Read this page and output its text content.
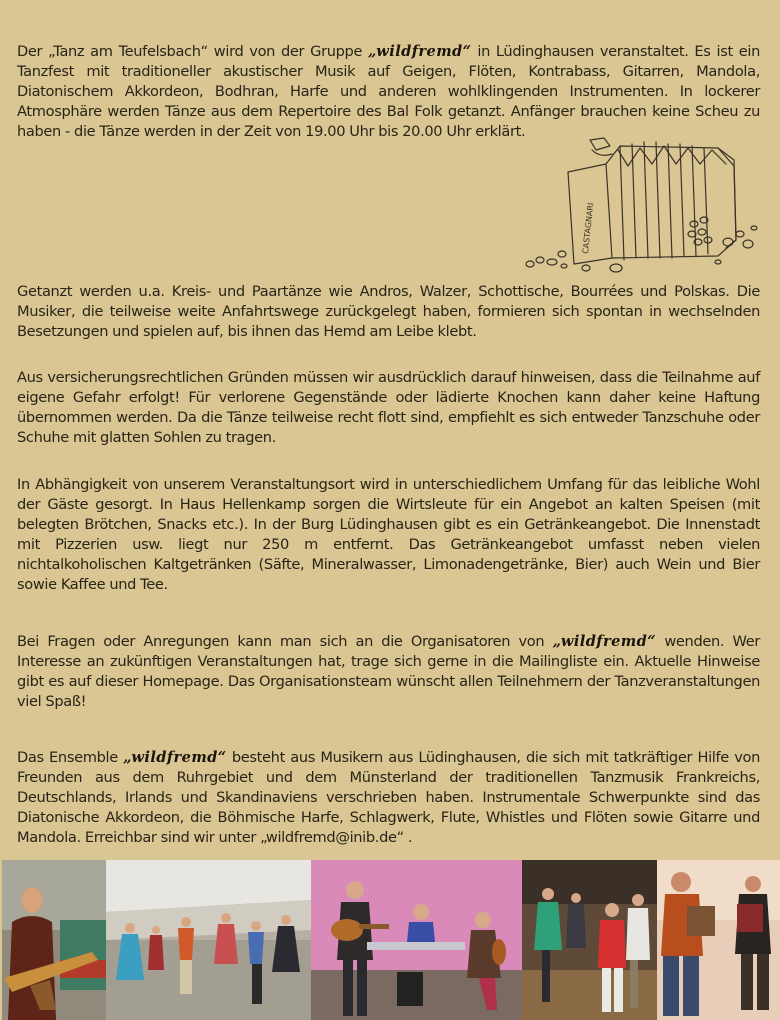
Der „Tanz am Teufelsbach“ wird von der Gruppe „wildfremd“ in Lüdinghausen veranstaltet. Es ist ein Tanzfest mit traditioneller akustischer Musik auf Geigen, Flöten, Kontrabass, Gitarren, Mandola, Diatonischem Akkordeon, Bodhran, Harfe und anderen wohlklingenden Instrumenten. In lockerer Atmosphäre werden Tänze aus dem Repertoire des Bal Folk getanzt. Anfänger brauchen keine Scheu zu haben - die Tänze werden in der Zeit von 19.00 Uhr bis 20.00 Uhr erklärt.

CASTAGNARI

Getanzt werden u.a. Kreis- und Paartänze wie Andros, Walzer, Schottische, Bourrées und Polskas. Die Musiker, die teilweise weite Anfahrtswege zurückgelegt haben, formieren sich spontan in wechselnden Besetzungen und spielen auf, bis ihnen das Hemd am Leibe klebt.

Aus versicherungsrechtlichen Gründen müssen wir ausdrücklich darauf hinweisen, dass die Teilnahme auf eigene Gefahr erfolgt! Für verlorene Gegenstände oder lädierte Knochen kann daher keine Haftung übernommen werden. Da die Tänze teilweise recht flott sind, empfiehlt es sich entweder Tanzschuhe oder Schuhe mit glatten Sohlen zu tragen.

In Abhängigkeit von unserem Veranstaltungsort wird in unterschiedlichem Umfang für das leibliche Wohl der Gäste gesorgt. In Haus Hellenkamp sorgen die Wirtsleute für ein Angebot an kalten Speisen (mit belegten Brötchen, Snacks etc.). In der Burg Lüdinghausen gibt es ein Getränkeangebot. Die Innenstadt mit Pizzerien usw. liegt nur 250 m entfernt. Das Getränkeangebot umfasst neben vielen nichtalkoholischen Kaltgetränken (Säfte, Mineralwasser, Limonadengetränke, Bier) auch Wein und Bier sowie Kaffee und Tee.

Bei Fragen oder Anregungen kann man sich an die Organisatoren von „wildfremd“ wenden. Wer Interesse an zukünftigen Veranstaltungen hat, trage sich gerne in die Mailingliste ein. Aktuelle Hinweise gibt es auf dieser Homepage. Das Organisationsteam wünscht allen Teilnehmern der Tanzveranstaltungen viel Spaß!

Das Ensemble „wildfremd“ besteht aus Musikern aus Lüdinghausen, die sich mit tatkräftiger Hilfe von Freunden aus dem Ruhrgebiet und dem Münsterland der traditionellen Tanzmusik Frankreichs, Deutschlands, Irlands und Skandinaviens verschrieben haben. Instrumentale Schwerpunkte sind das Diatonische Akkordeon, die Böhmische Harfe, Schlagwerk, Flute, Whistles und Flöten sowie Gitarre und Mandola. Erreichbar sind wir unter „wildfremd@inib.de“ .
